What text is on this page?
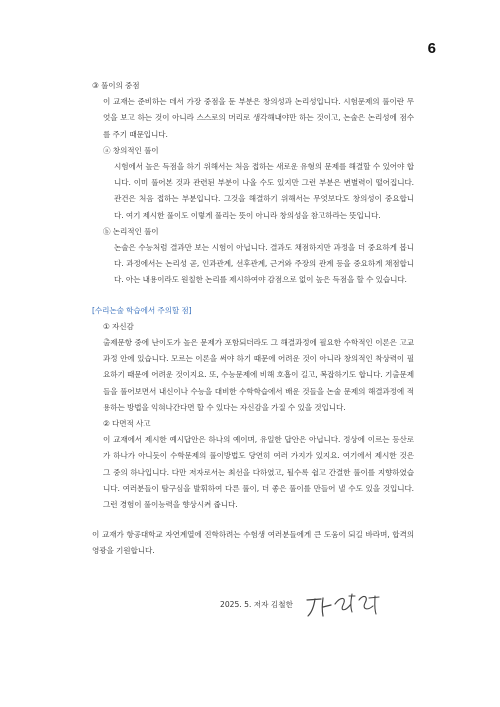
6

③ 풀이의 중점

이 교재는 준비하는 데서 가장 중점을 둔 부분은 창의성과 논리성입니다. 시험문제의 풀이란 무엇을 보고 하는 것이 아니라 스스로의 머리로 생각해내야만 하는 것이고, 논술은 논리성에 점수를 주기 때문입니다.

ⓐ 창의적인 풀이

시험에서 높은 득점을 하기 위해서는 처음 접하는 새로운 유형의 문제를 해결할 수 있어야 합니다. 이미 풀어본 것과 관련된 부분이 나올 수도 있지만 그런 부분은 변별력이 떨어집니다. 관건은 처음 접하는 부분입니다. 그것을 해결하기 위해서는 무엇보다도 창의성이 중요합니다. 여기 제시한 풀이도 이렇게 풀리는 뜻이 아니라 창의성을 참고하라는 뜻입니다.

ⓑ 논리적인 풀이

논술은 수능처럼 결과만 보는 시험이 아닙니다. 결과도 채점하지만 과정을 더 중요하게 봅니다. 과정에서는 논리성 곧, 인과관계, 선후관계, 근거와 주장의 관계 등을 중요하게 채점합니다. 아는 내용이라도 원칠한 논리를 제시하여야 감점으로 없이 높은 득점을 할 수 있습니다.

[수리논술 학습에서 주의할 점]

① 자신감

출제문항 중에 난이도가 높은 문제가 포함되더라도 그 해결과정에 필요한 수학적인 이론은 고교과정 안에 있습니다. 모르는 이론을 써야 하기 때문에 어려운 것이 아니라 창의적인 착상력이 필요하기 때문에 어려운 것이지요. 또, 수능문제에 비해 호흡이 길고, 복잡하기도 합니다. 기출문제들을 풀어보면서 내신이나 수능을 대비한 수학학습에서 배운 것들을 논술 문제의 해결과정에 적용하는 방법을 익혀나간다면 할 수 있다는 자신감을 가질 수 있을 것입니다.

② 다면적 사고

이 교재에서 제시한 예시답안은 하나의 예이며, 유일한 답안은 아닙니다. 정상에 이르는 등산로가 하나가 아니듯이 수학문제의 풀이방법도 당연히 여러 가지가 있지요. 여기에서 제시한 것은 그 중의 하나입니다. 다만 저자로서는 최선을 다하였고, 될수록 쉽고 간결한 풀이를 지향하였습니다. 여러분들이 탐구심을 발휘하여 다른 풀이, 더 좋은 풀이를 만들어 낼 수도 있을 것입니다. 그런 경험이 풀이능력을 향상시켜 줍니다.

이 교재가 항공대학교 자연계열에 진학하려는 수험생 여러분들에게 큰 도움이 되길 바라며, 합격의 영광을 기원합니다.

2025. 5. 저자 김철한
